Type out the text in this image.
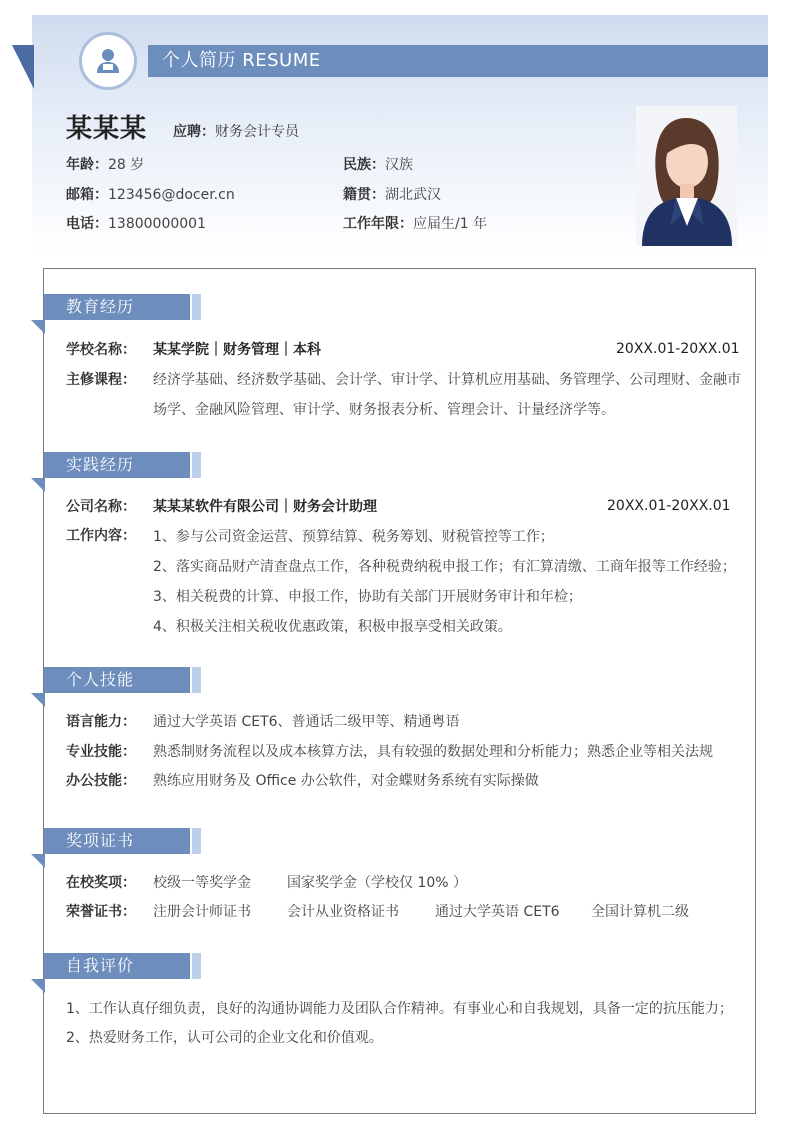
个人简历 RESUME
某某某 应聘：财务会计专员
年龄：28 岁	民族：汉族
邮箱：123456@docer.cn	籍贯：湖北武汉
电话：13800000001	工作年限：应届生/1 年
教育经历
学校名称： 某某学院｜财务管理｜本科	20XX.01-20XX.01
主修课程： 经济学基础、经济数学基础、会计学、审计学、计算机应用基础、务管理学、公司理财、金融市
场学、金融风险管理、审计学、财务报表分析、管理会计、计量经济学等。
实践经历
公司名称： 某某某软件有限公司｜财务会计助理	20XX.01-20XX.01
工作内容： 1、参与公司资金运营、预算结算、税务筹划、财税管控等工作；
2、落实商品财产清查盘点工作，各种税费纳税申报工作；有汇算清缴、工商年报等工作经验；
3、相关税费的计算、申报工作，协助有关部门开展财务审计和年检；
4、积极关注相关税收优惠政策，积极申报享受相关政策。
个人技能
语言能力： 通过大学英语 CET6、普通话二级甲等、精通粤语
专业技能： 熟悉制财务流程以及成本核算方法，具有较强的数据处理和分析能力；熟悉企业等相关法规
办公技能： 熟练应用财务及 Office 办公软件，对金蝶财务系统有实际操做
奖项证书
在校奖项： 校级一等奖学金	国家奖学金（学校仅 10% ）
荣誉证书： 注册会计师证书	会计从业资格证书	通过大学英语 CET6 全国计算机二级
自我评价
1、工作认真仔细负责，良好的沟通协调能力及团队合作精神。有事业心和自我规划，具备一定的抗压能力；
2、热爱财务工作，认可公司的企业文化和价值观。
